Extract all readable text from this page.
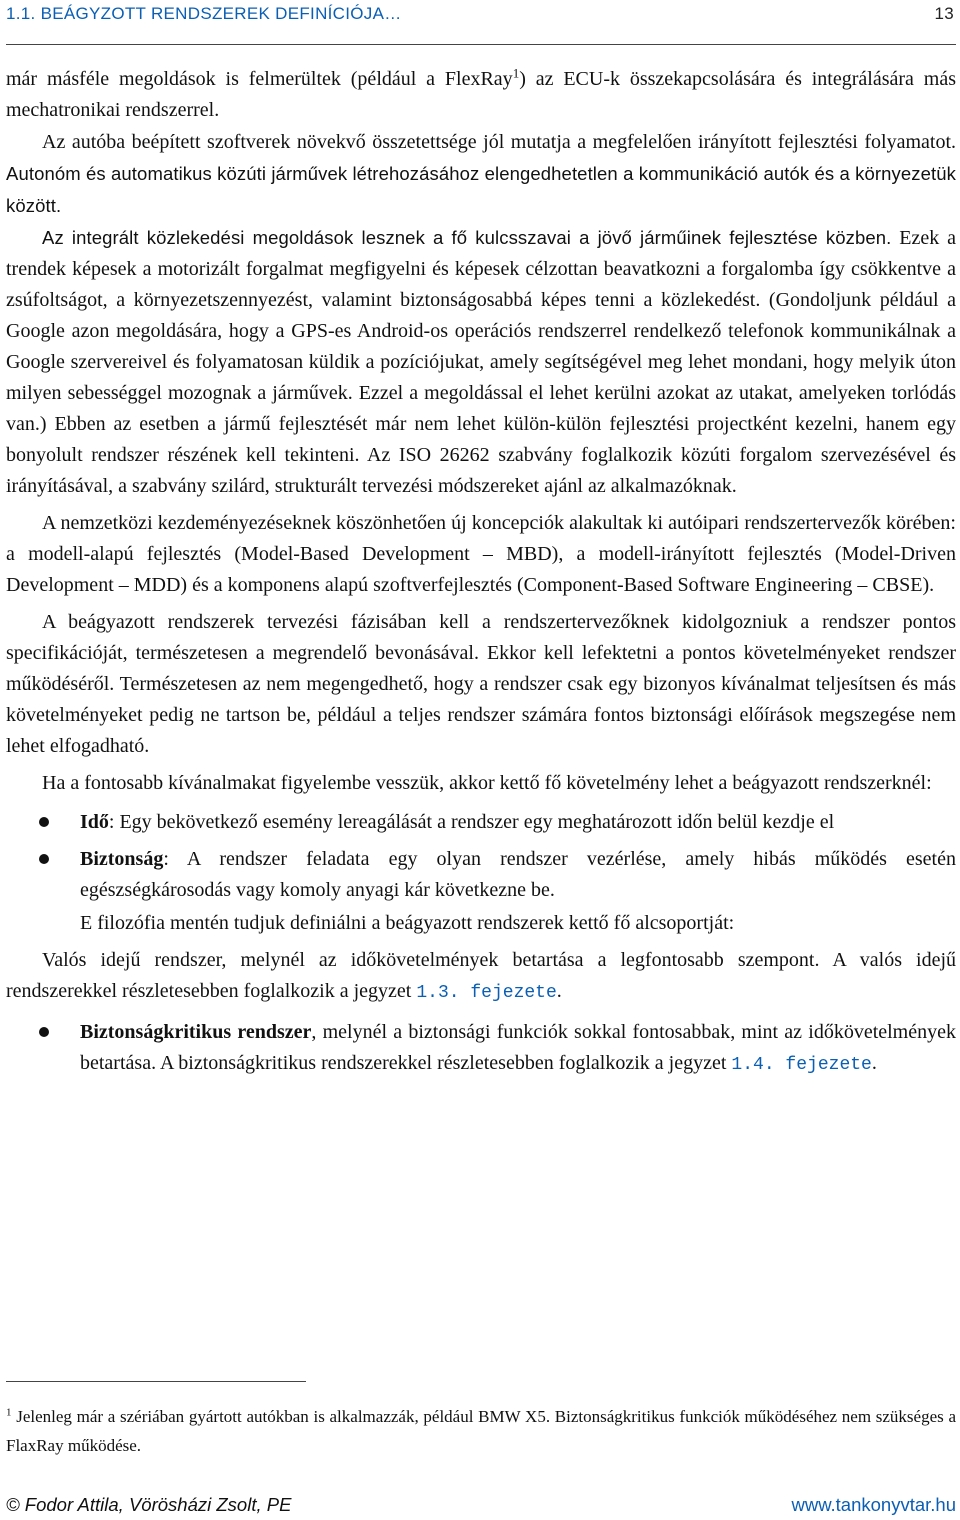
1.1. BEÁGYZOTT RENDSZEREK DEFINÍCIÓJA…	13

már másféle megoldások is felmerültek (például a FlexRay$^1$) az ECU-k összekapcsolására és integrálására más mechatronikai rendszerrel.

Az autóba beépített szoftverek növekvő összetettsége jól mutatja a megfelelően irányított fejlesztési folyamatot. Autonóm és automatikus közúti járművek létrehozásához elengedhetetlen a kommunikáció autók és a környezetük között.

Az integrált közlekedési megoldások lesznek a fő kulcsszavai a jövő járműinek fejlesztése közben. Ezek a trendek képesek a motorizált forgalmat megfigyelni és képesek célzottan beavatkozni a forgalomba így csökkentve a zsúfoltságot, a környezetszennyezést, valamint biztonságosabbá képes tenni a közlekedést. (Gondoljunk például a Google azon megoldására, hogy a GPS-es Android-os operációs rendszerrel rendelkező telefonok kommunikálnak a Google szervereivel és folyamatosan küldik a pozíciójukat, amely segítségével meg lehet mondani, hogy melyik úton milyen sebességgel mozognak a járművek. Ezzel a megoldással el lehet kerülni azokat az utakat, amelyeken torlódás van.) Ebben az esetben a jármű fejlesztését már nem lehet külön-külön fejlesztési projectként kezelni, hanem egy bonyolult rendszer részének kell tekinteni. Az ISO 26262 szabvány foglalkozik közúti forgalom szervezésével és irányításával, a szabvány szilárd, strukturált tervezési módszereket ajánl az alkalmazóknak.

A nemzetközi kezdeményezéseknek köszönhetően új koncepciók alakultak ki autóipari rendszertervezők körében: a modell-alapú fejlesztés (Model-Based Development – MBD), a modell-irányított fejlesztés (Model-Driven Development – MDD) és a komponens alapú szoftverfejlesztés (Component-Based Software Engineering – CBSE).

A beágyazott rendszerek tervezési fázisában kell a rendszertervezőknek kidolgozniuk a rendszer pontos specifikációját, természetesen a megrendelő bevonásával. Ekkor kell lefektetni a pontos követelményeket rendszer működéséről. Természetesen az nem megengedhető, hogy a rendszer csak egy bizonyos kívánalmat teljesítsen és más követelményeket pedig ne tartson be, például a teljes rendszer számára fontos biztonsági előírások megszegése nem lehet elfogadható.

Ha a fontosabb kívánalmakat figyelembe vesszük, akkor kettő fő követelmény lehet a beágyazott rendszerknél:

Idő: Egy bekövetkező esemény lereagálását a rendszer egy meghatározott időn belül kezdje el
Biztonság: A rendszer feladata egy olyan rendszer vezérlése, amely hibás működés esetén egészségkárosodás vagy komoly anyagi kár következne be.

E filozófia mentén tudjuk definiálni a beágyazott rendszerek kettő fő alcsoportját:

Valós idejű rendszer, melynél az időkövetelmények betartása a legfontosabb szempont. A valós idejű rendszerekkel részletesebben foglalkozik a jegyzet 1.3. fejezete.

Biztonságkritikus rendszer, melynél a biztonsági funkciók sokkal fontosabbak, mint az időkövetelmények betartása. A biztonságkritikus rendszerekkel részletesebben foglalkozik a jegyzet 1.4. fejezete.
$^1$ Jelenleg már a szériában gyártott autókban is alkalmazzák, például BMW X5. Biztonságkritikus funkciók működéséhez nem szükséges a FlaxRay működése.
© Fodor Attila, Vörösházi Zsolt, PE	www.tankonyvtar.hu
